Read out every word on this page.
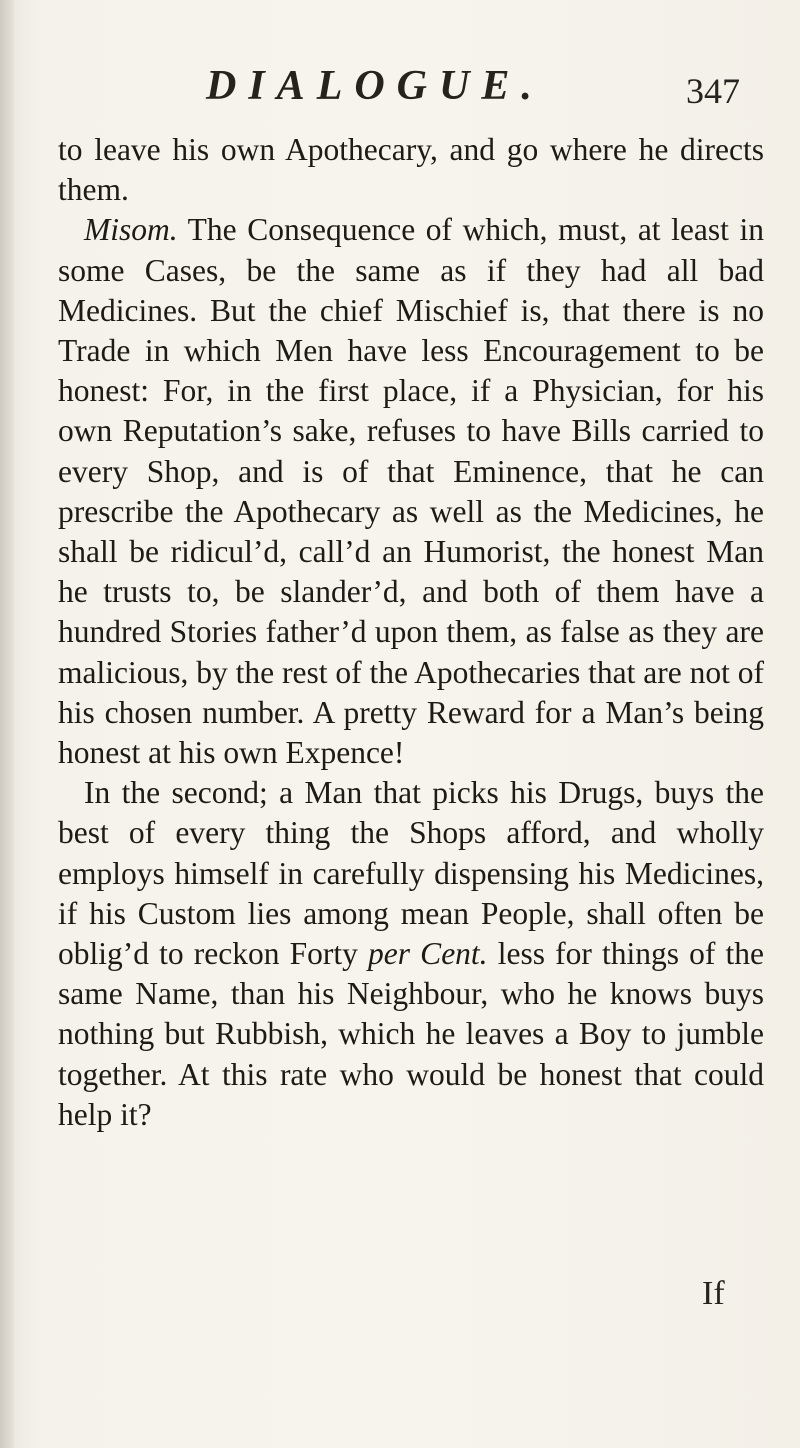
DIALOGUE.	347

to leave his own Apothecary, and go where he directs them.

Misom. The Consequence of which, must, at least in some Cases, be the same as if they had all bad Medicines. But the chief Mischief is, that there is no Trade in which Men have less Encouragement to be honest: For, in the first place, if a Physician, for his own Reputation’s sake, refuses to have Bills carried to every Shop, and is of that Eminence, that he can prescribe the Apothecary as well as the Medicines, he shall be ridicul’d, call’d an Humorist, the honest Man he trusts to, be slander’d, and both of them have a hundred Stories father’d upon them, as false as they are malicious, by the rest of the Apothecaries that are not of his chosen number. A pretty Reward for a Man’s being honest at his own Expence!

In the second; a Man that picks his Drugs, buys the best of every thing the Shops afford, and wholly employs himself in carefully dispensing his Medicines, if his Custom lies among mean People, shall often be oblig’d to reckon Forty per Cent. less for things of the same Name, than his Neighbour, who he knows buys nothing but Rubbish, which he leaves a Boy to jumble together. At this rate who would be honest that could help it?

If
